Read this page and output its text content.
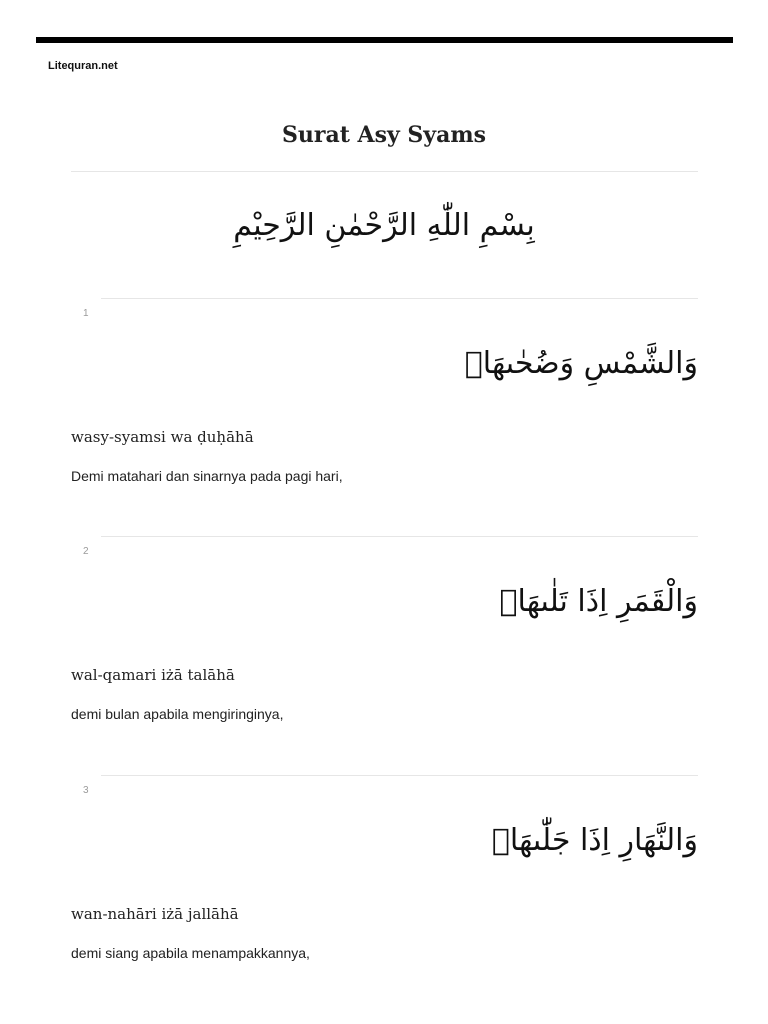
Litequran.net
Surat Asy Syams
بِسْمِ اللّٰهِ الرَّحْمٰنِ الرَّحِيْمِ
1
وَالشَّمْسِ وَضُحٰىهَاۖ

wasy-syamsi wa ḍuḥāhā

Demi matahari dan sinarnya pada pagi hari,

2
وَالْقَمَرِ اِذَا تَلٰىهَاۖ

wal-qamari iżā talāhā

demi bulan apabila mengiringinya,

3
وَالنَّهَارِ اِذَا جَلّٰىهَاۖ

wan-nahāri iżā jallāhā

demi siang apabila menampakkannya,
